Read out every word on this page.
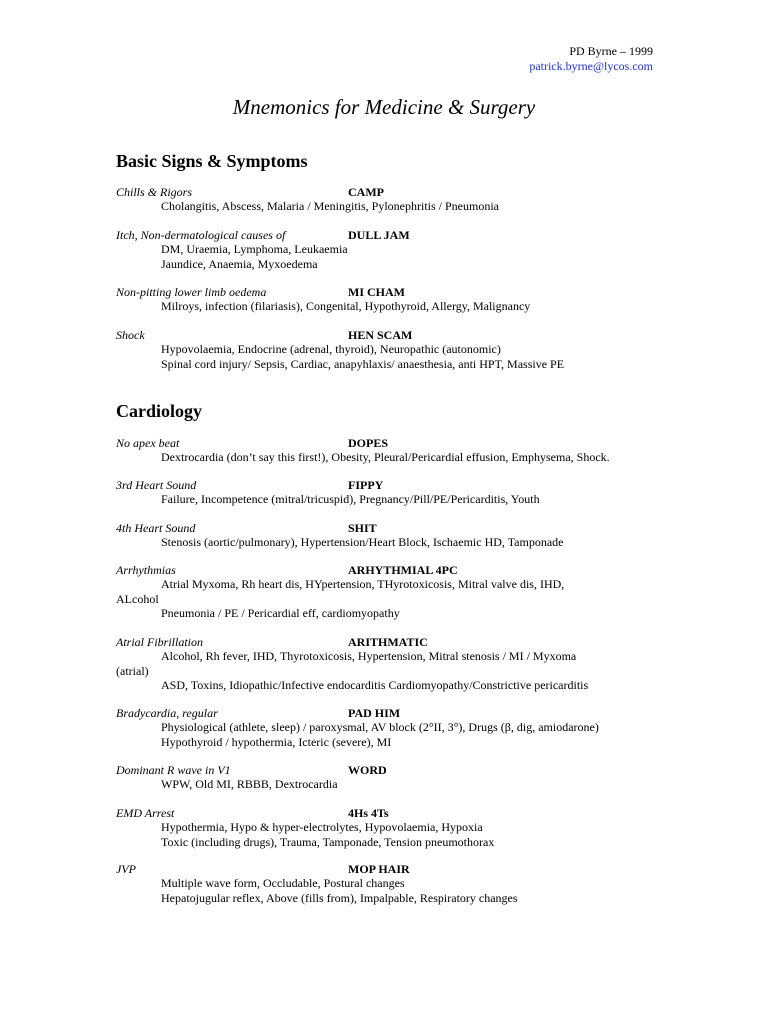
PD Byrne – 1999
patrick.byrne@lycos.com
Mnemonics for Medicine & Surgery
Basic Signs & Symptoms
Chills & Rigors	CAMP
Cholangitis, Abscess, Malaria / Meningitis, Pylonephritis / Pneumonia
Itch, Non-dermatological causes of	DULL JAM
DM, Uraemia, Lymphoma, Leukaemia
Jaundice, Anaemia, Myxoedema
Non-pitting lower limb oedema	MI CHAM
Milroys, infection (filariasis), Congenital, Hypothyroid, Allergy, Malignancy
Shock	HEN SCAM
Hypovolaemia, Endocrine (adrenal, thyroid), Neuropathic (autonomic)
Spinal cord injury/ Sepsis, Cardiac, anapyhlaxis/ anaesthesia, anti HPT, Massive PE
Cardiology
No apex beat	DOPES
Dextrocardia (don’t say this first!), Obesity, Pleural/Pericardial effusion, Emphysema, Shock.
3rd Heart Sound	FIPPY
Failure, Incompetence (mitral/tricuspid), Pregnancy/Pill/PE/Pericarditis, Youth
4th Heart Sound	SHIT
Stenosis (aortic/pulmonary), Hypertension/Heart Block, Ischaemic HD, Tamponade
Arrhythmias	ARHYTHMIAL 4PC
Atrial Myxoma, Rh heart dis, HYpertension, THyrotoxicosis, Mitral valve dis, IHD,
ALcohol
Pneumonia / PE / Pericardial eff, cardiomyopathy
Atrial Fibrillation	ARITHMATIC
Alcohol, Rh fever, IHD, Thyrotoxicosis, Hypertension, Mitral stenosis / MI / Myxoma
(atrial)
ASD, Toxins, Idiopathic/Infective endocarditis Cardiomyopathy/Constrictive pericarditis
Bradycardia, regular	PAD HIM
Physiological (athlete, sleep) / paroxysmal, AV block (2°II, 3°), Drugs (β, dig, amiodarone)
Hypothyroid / hypothermia, Icteric (severe), MI
Dominant R wave in V1	WORD
WPW, Old MI, RBBB, Dextrocardia
EMD Arrest	4Hs 4Ts
Hypothermia, Hypo & hyper-electrolytes, Hypovolaemia, Hypoxia
Toxic (including drugs), Trauma, Tamponade, Tension pneumothorax
JVP	MOP HAIR
Multiple wave form, Occludable, Postural changes
Hepatojugular reflex, Above (fills from), Impalpable, Respiratory changes
